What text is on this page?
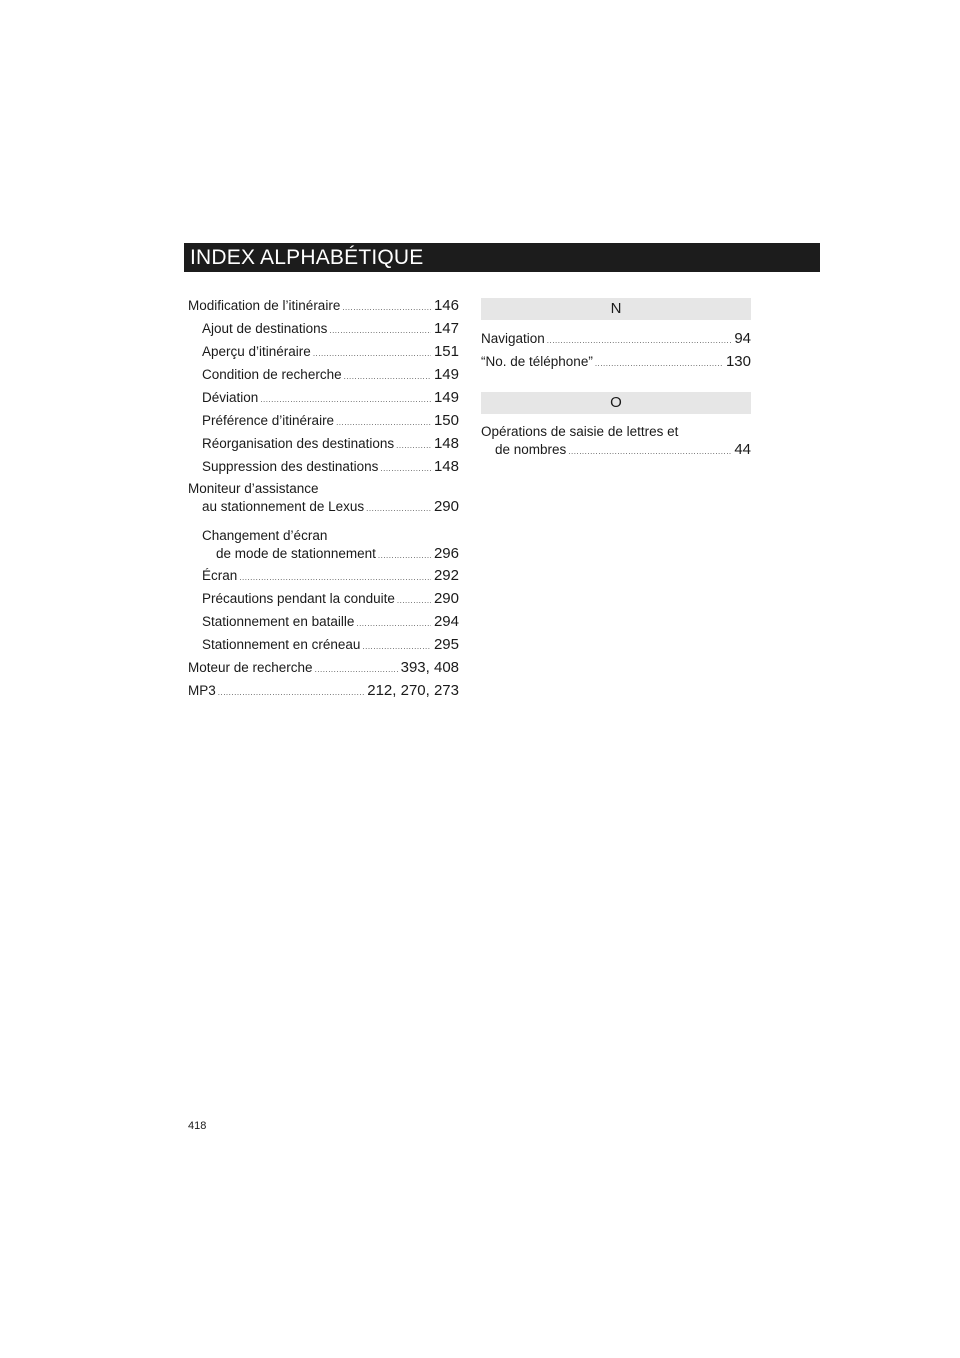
INDEX ALPHABÉTIQUE
Modification de l’itinéraire .....	146
Ajout de destinations .....	147
Aperçu d’itinéraire .....	151
Condition de recherche .....	149
Déviation .....	149
Préférence d’itinéraire .....	150
Réorganisation des destinations .....	148
Suppression des destinations .....	148
Moniteur d’assistance
au stationnement de Lexus .....	290
Changement d’écran
de mode de stationnement .....	296
Écran .....	292
Précautions pendant la conduite .....	290
Stationnement en bataille .....	294
Stationnement en créneau .....	295
Moteur de recherche .....	393, 408
MP3 .....	212, 270, 273
N
Navigation .....	94
“No. de téléphone” .....	130
O
Opérations de saisie de lettres et
de nombres .....	44
418
